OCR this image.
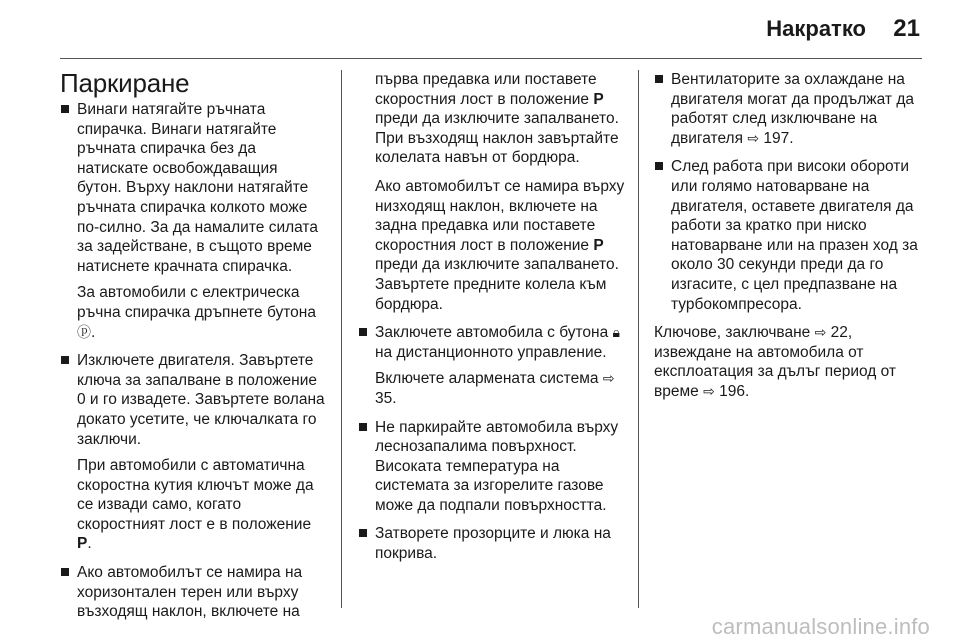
Накратко 21
Паркиране

Винаги натягайте ръчната спирачка. Винаги натягайте ръчната спирачка без да натискате освобождаващия бутон. Върху наклони натягайте ръчната спирачка колкото може по-силно. За да намалите силата за задействане, в същото време натиснете крачната спирачка.

За автомобили с електрическа ръчна спирачка дръпнете бутона ⓟ.

Изключете двигателя. Завъртете ключа за запалване в положение 0 и го извадете. Завъртете волана докато усетите, че ключалката го заключи.

При автомобили с автоматична скоростна кутия ключът може да се извади само, когато скоростният лост е в положение P.

Ако автомобилът се намира на хоризонтален терен или върху възходящ наклон, включете на

първа предавка или поставете скоростния лост в положение P преди да изключите запалването. При възходящ наклон завъртайте колелата навън от бордюра.

Ако автомобилът се намира върху низходящ наклон, включете на задна предавка или поставете скоростния лост в положение P преди да изключите запалването. Завъртете предните колела към бордюра.

Заключете автомобила с бутона 🔒︎ на дистанционното управление.

Включете алармената система ⇨ 35.

Не паркирайте автомобила върху леснозапалима повърхност. Високата температура на системата за изгорелите газове може да подпали повърхността.

Затворете прозорците и люка на покрива.

Вентилаторите за охлаждане на двигателя могат да продължат да работят след изключване на двигателя ⇨ 197.

След работа при високи обороти или голямо натоварване на двигателя, оставете двигателя да работи за кратко при ниско натоварване или на празен ход за около 30 секунди преди да го изгасите, с цел предпазване на турбокомпресора.

Ключове, заключване ⇨ 22,
извеждане на автомобила от експлоатация за дълъг период от време ⇨ 196.

carmanualsonline.info
